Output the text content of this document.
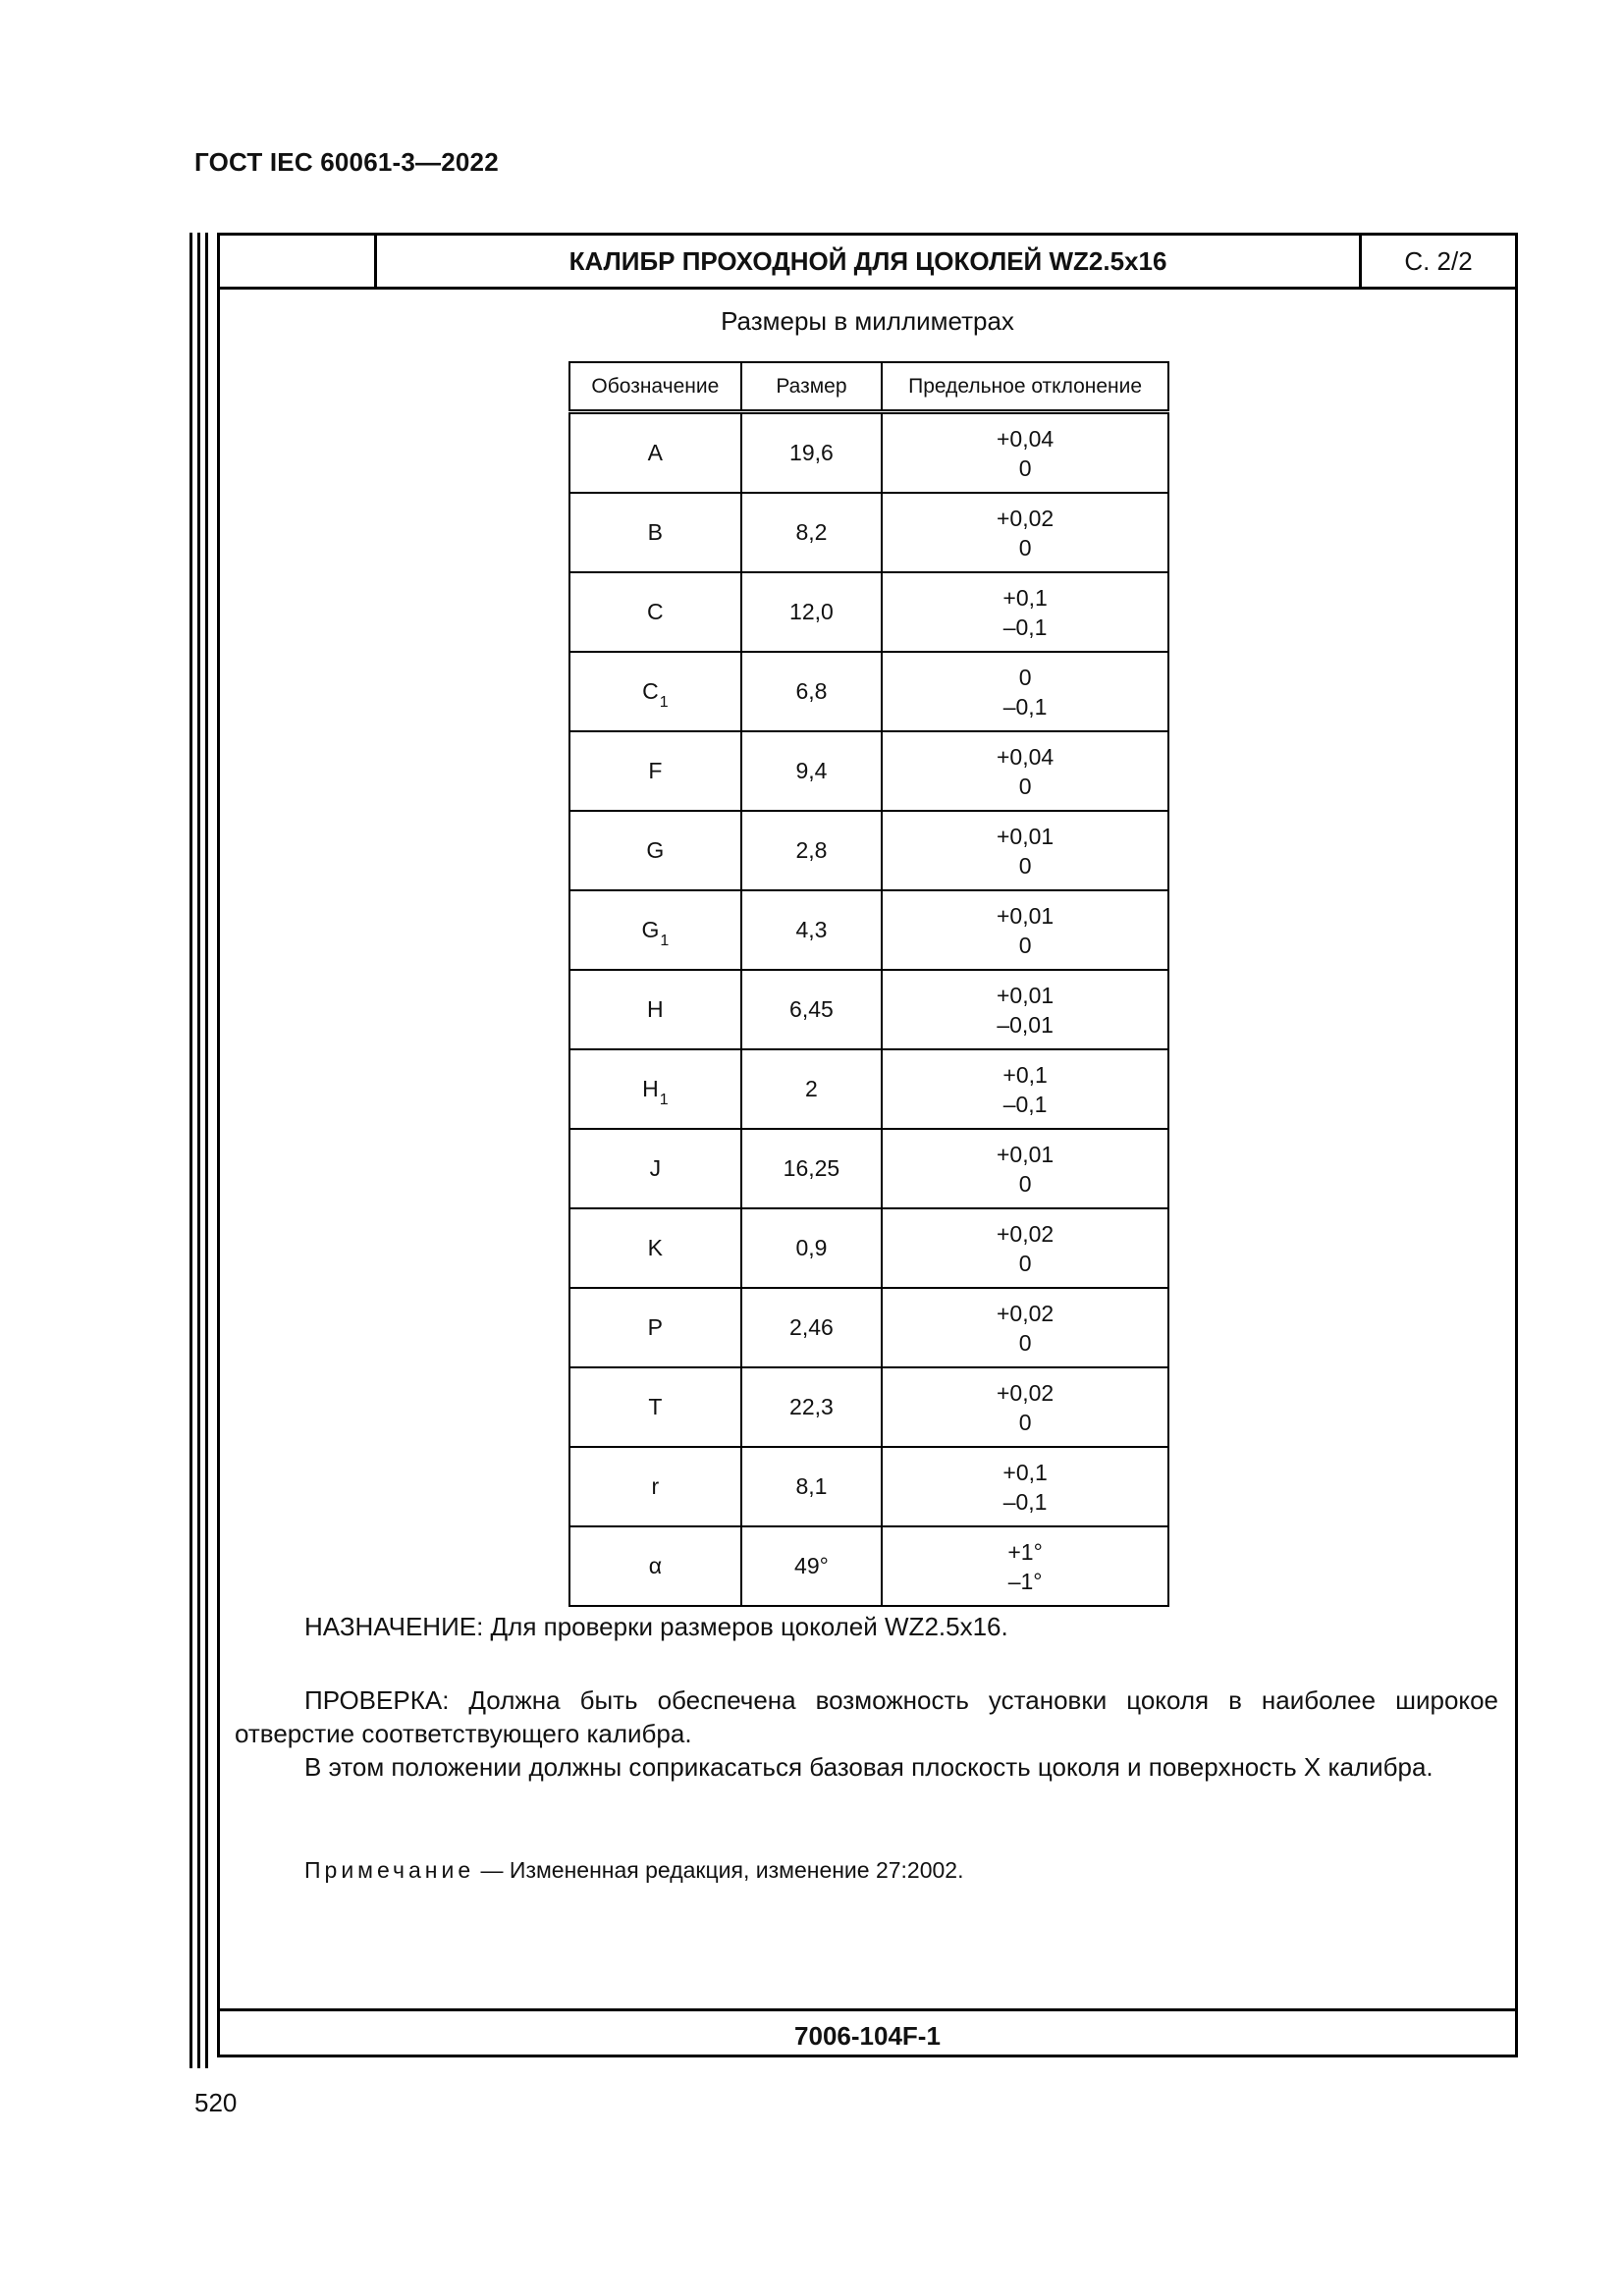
ГОСТ IEC 60061-3—2022
КАЛИБР ПРОХОДНОЙ ДЛЯ ЦОКОЛЕЙ WZ2.5x16	С. 2/2
Размеры в миллиметрах
Обозначение	Размер	Предельное отклонение
A	19,6	+0,04
0

B	8,2	+0,02
0

C	12,0	+0,1
–0,1

$C_1$	6,8	0
–0,1

F	9,4	+0,04
0

G	2,8	+0,01
0

$G_1$	4,3	+0,01
0

H	6,45	+0,01
–0,01

$H_1$	2	+0,1
–0,1

J	16,25	+0,01
0

K	0,9	+0,02
0

P	2,46	+0,02
0

T	22,3	+0,02
0

r	8,1	+0,1
–0,1

α	49°	+1°
–1°
НАЗНАЧЕНИЕ: Для проверки размеров цоколей WZ2.5x16.
ПРОВЕРКА: Должна быть обеспечена возможность установки цоколя в наиболее широкое отверстие соответствующего калибра.
В этом положении должны соприкасаться базовая плоскость цоколя и поверхность X калибра.
Примечание — Измененная редакция, изменение 27:2002.
7006-104F-1
520
